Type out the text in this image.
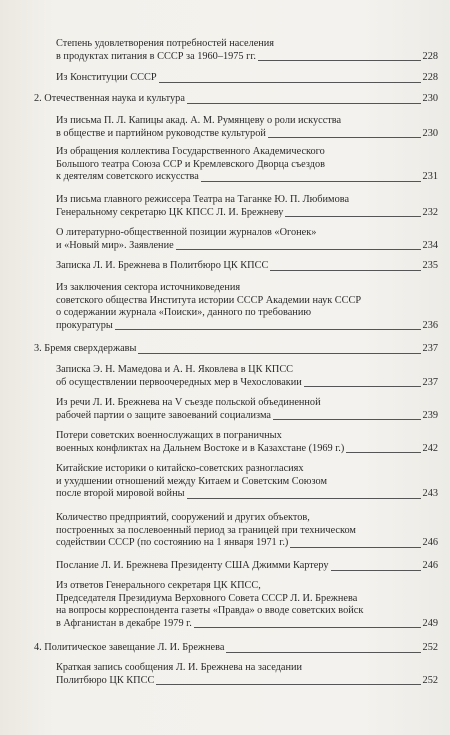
Степень удовлетворения потребностей населения
в продуктах питания в СССР за 1960–1975 гг.	228
Из Конституции СССР	228
2. Отечественная наука и культура	230
Из письма П. Л. Капицы акад. А. М. Румянцеву о роли искусства
в обществе и партийном руководстве культурой	230
Из обращения коллектива Государственного Академического
Большого театра Союза ССР и Кремлевского Дворца съездов
к деятелям советского искусства	231
Из письма главного режиссера Театра на Таганке Ю. П. Любимова
Генеральному секретарю ЦК КПСС Л. И. Брежневу	232
О литературно-общественной позиции журналов «Огонек»
и «Новый мир». Заявление	234
Записка Л. И. Брежнева в Политбюро ЦК КПСС	235
Из заключения сектора источниковедения
советского общества Института истории СССР Академии наук СССР
о содержании журнала «Поиски», данного по требованию
прокуратуры	236
3. Бремя сверхдержавы	237
Записка Э. Н. Мамедова и А. Н. Яковлева в ЦК КПСС
об осуществлении первоочередных мер в Чехословакии	237
Из речи Л. И. Брежнева на V съезде польской объединенной
рабочей партии о защите завоеваний социализма	239
Потери советских военнослужащих в пограничных
военных конфликтах на Дальнем Востоке и в Казахстане (1969 г.)	242
Китайские историки о китайско-советских разногласиях
и ухудшении отношений между Китаем и Советским Союзом
после второй мировой войны	243
Количество предприятий, сооружений и других объектов,
построенных за послевоенный период за границей при техническом
содействии СССР (по состоянию на 1 января 1971 г.)	246
Послание Л. И. Брежнева Президенту США Джимми Картеру	246
Из ответов Генерального секретаря ЦК КПСС,
Председателя Президиума Верховного Совета СССР Л. И. Брежнева
на вопросы корреспондента газеты «Правда» о вводе советских войск
в Афганистан в декабре 1979 г.	249
4. Политическое завещание Л. И. Брежнева	252
Краткая запись сообщения Л. И. Брежнева на заседании
Политбюро ЦК КПСС	252
